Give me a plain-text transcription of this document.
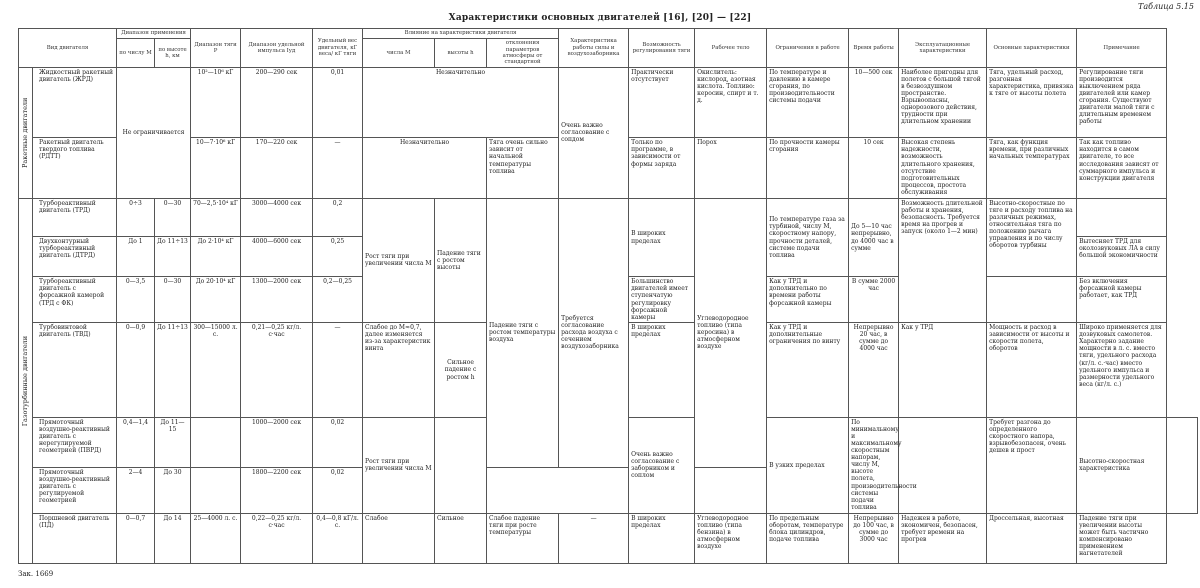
Таблица 5.15
Характеристики основных двигателей [16], [20] — [22]
Вид двигателя		Диапазон применения		Диапазон тяги P	Диапазон удельной импульса Iуд	Удельный вес двигателя, кГ веса/ кГ тяги	Влияние на характеристики двигателя			Характеристика работы силы и воздухозаборника	Возможность регулирования тяги	Рабочее тело	Ограничения в работе	Время работы	Эксплуатационные характеристики	Основные характеристики	Примечание	
		по числу M	по высоте h, км				числа M	высоты h	отклонения параметров атмосферы от стандартной									
Ракетные двигатели	Жидкостный ракетный двигатель (ЖРД)	Не ограничивается		10²—10⁶ кГ	200—290 сек	0,01	Незначительно			Очень важно согласование с сопдом	Практически отсутствует	Окислитель: кислород, азотная кислота. Топливо: керосин, спирт и т. д.	По температуре и давлению в камере сгорания, по производительности системы подачи	10—500 сек	Наиболее пригодны для полетов с большой тягой в безвоздушном пространстве. Взрывоопасны, однорозового действия, трудности при длительном хранении	Тяга, удельный расход, разгонная характеристика, привязка к тяге от высоты полета	Регулирование тяги производится выключением ряда двигателей или камер сгорания. Существуют двигатели малой тяги с длительным временем работы	
	Ракетный двигатель твердого топлива (РДТТ)			10—7·10⁶ кГ	170—220 сек	—	Незначительно		Тяга очень сильно зависит от начальной температуры топлива		Только по программе, в зависимости от формы заряда	Порох	По прочности камеры сгорания	10 сек	Высокая степень надежности, возможность длительного хранения, отсутствие подготовительных процессов, простота обслуживания	Тяга, как функция времени, при различных начальных температурах	Так как топливо находится в самом двигателе, то все исследования зависят от суммарного импульса и конструкции двигателя	
Газотурбинные двигатели	Турбореактивный двигатель (ТРД)	0÷3	0—30	70—2,5·10⁴ кГ	3000—4000 сек	0,2	Рост тяги при увеличении числа M	Падение тяги с ростом высоты	Падение тяги с ростом температуры воздуха	Требуется согласование расхода воздуха с сечением воздухозаборника	В широких пределах	Углеводородное топливо (типа керосина) в атмосферном воздухе	По температуре газа за турбиной, числу M, скоростному напору, прочности деталей, системе подачи топлива	До 5—10 час непрерывно, до 4000 час в сумме	Возможность длительной работы и хранения, безопасность. Требуется время на прогрев и запуск (около 1—2 мин)	Высотно-скоростные по тяге и расходу топлива на различных режимах, относительная тяга по положению рычага управления и по числу оборотов турбины		
	Двухконтурный турбореактивный двигатель (ДТРД)	До 1	До 11÷13	До 2·10⁴ кГ	4000—6000 сек	0,25											Вытесняет ТРД для околозвуковых ЛА в силу большой экономичности	
	Турбореактивный двигатель с форсажной камерой (ТРД с ФК)	0—3,5	0—30	До 20·10⁴ кГ	1300—2000 сек	0,2—0,25					Большинство двигателей имеет ступенчатую регулировку форсажной камеры		Как у ТРД и дополнительно по времени работы форсажной камеры	В сумме 2000 час			Без включения форсажной камеры работает, как ТРД	
	Турбовинтовой двигатель (ТВД)	0—0,9	До 11÷13	300—15000 л. с.	0,21—0,25 кг/л. с·час	—	Слабое до M≈0,7, далее изменяется из-за характеристик винта	Сильное падение с ростом h			В широких пределах		Как у ТРД и дополнительные ограничения по винту	Непрерывно 20 час, в сумме до 4000 час	Как у ТРД	Мощность и расход в зависимости от высоты и скорости полета, оборотов	Широко применяется для дозвуковых самолетов. Характерно задание мощности в л. с. вместо тяги, удельного расхода (кг/л. с.·час) вместо удельного импульса и размерности удельного веса (кг/л. с.)	
	Прямоточный воздушно-реактивный двигатель с нерегулируемой геометрией (ПВРД)	0,4—1,4	До 11—15		1000—2000 сек	0,02	Рост тяги при увеличении числа M				Очень важно согласование с заборником и соплом		В узких пределах	По минимальному и максимальному скоростным напорам, числу M, высоте полета, производительности системы подачи топлива		Требует разгона до определенного скоростного напора, взрывобезопасен, очень дешев и прост	Высотно-скоростная характеристика	
	Прямоточный воздушно-реактивный двигатель с регулируемой геометрией	2—4	До 30		1800—2200 сек	0,02												
	Поршневой двигатель (ПД)	0—0,7	До 14	25—4000 л. с.	0,22—0,25 кг/л. с·час	0,4—0,8 кГ/л. с.	Слабое	Сильное	Слабое падение тяги при росте температуры	—	В широких пределах	Углеводородное топливо (типа бензина) в атмосферном воздухе	По предельным оборотам, температуре блока цилиндров, подаче топлива	Непрерывно до 100 час, в сумме до 3000 час	Надежен в работе, экономичен, безопасен, требует времени на прогрев	Дроссельная, высотная	Падение тяги при увеличении высоты может быть частично компенсировано применением нагнетателей	
Зак. 1669
